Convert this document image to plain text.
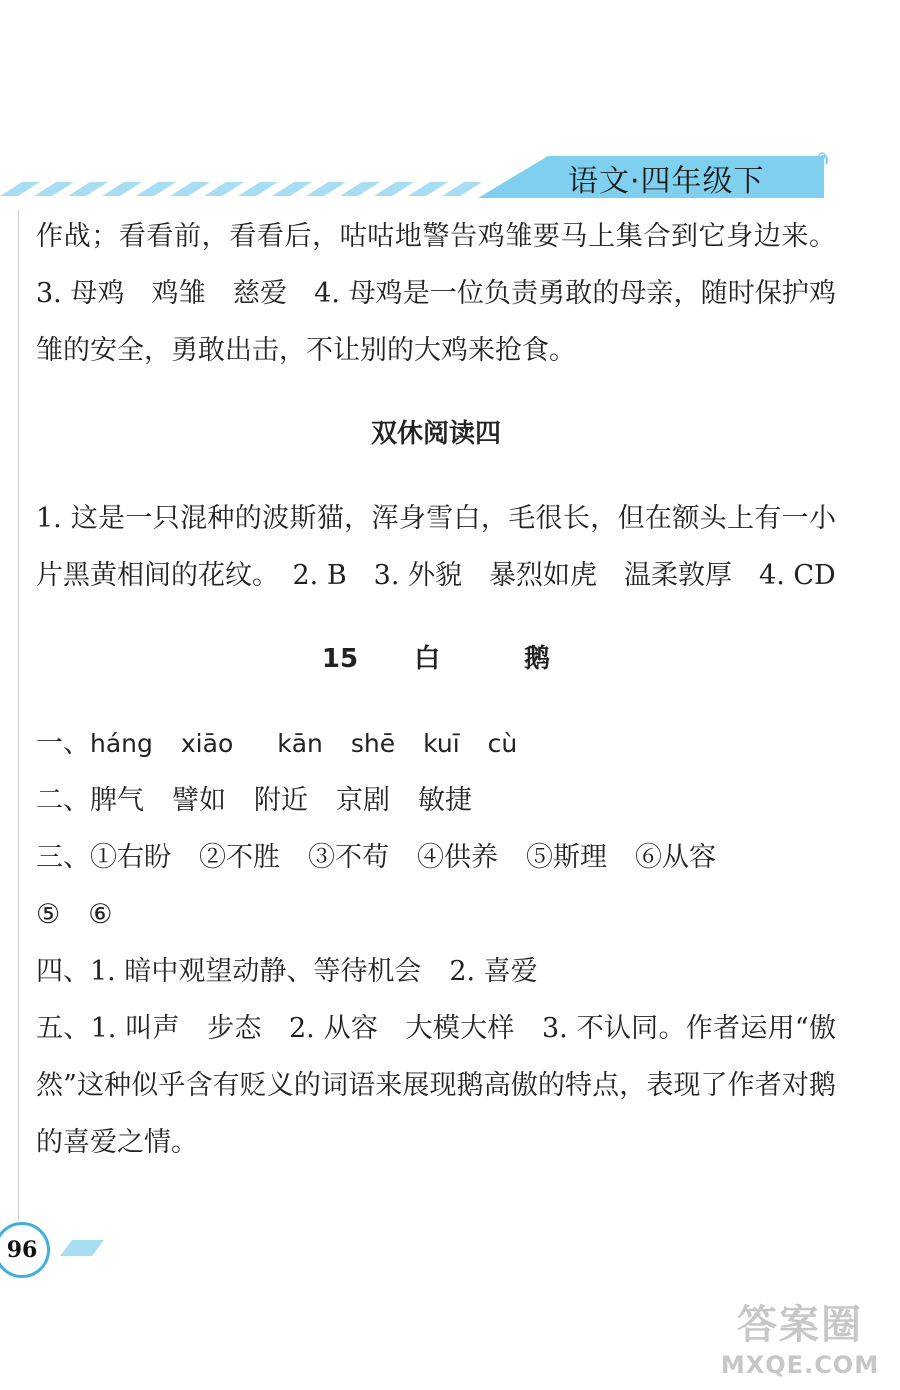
语文·四年级下

作战；看看前，看看后，咕咕地警告鸡雏要马上集合到它身边来。 3. 母鸡　鸡雏　慈爱　4. 母鸡是一位负责勇敢的母亲，随时保护鸡雏的安全，勇敢出击，不让别的大鸡来抢食。

双休阅读四

1. 这是一只混种的波斯猫，浑身雪白，毛很长，但在额头上有一小片黑黄相间的花纹。　2. B　3. 外貌　暴烈如虎　温柔敦厚　4. CD

15 白	鹅

一、háng xiāo kān shē kuī cù

二、脾气 譬如 附近 京剧 敏捷

三、①右盼 ②不胜 ③不苟 ④供养 ⑤斯理 ⑥从容

⑤ ⑥

四、1. 暗中观望动静、等待机会 2. 喜爱

五、1. 叫声　步态　2. 从容　大模大样　3. 不认同。作者运用“傲然”这种似乎含有贬义的词语来展现鹅高傲的特点，表现了作者对鹅的喜爱之情。

96
答案圈
MXQE.COM
